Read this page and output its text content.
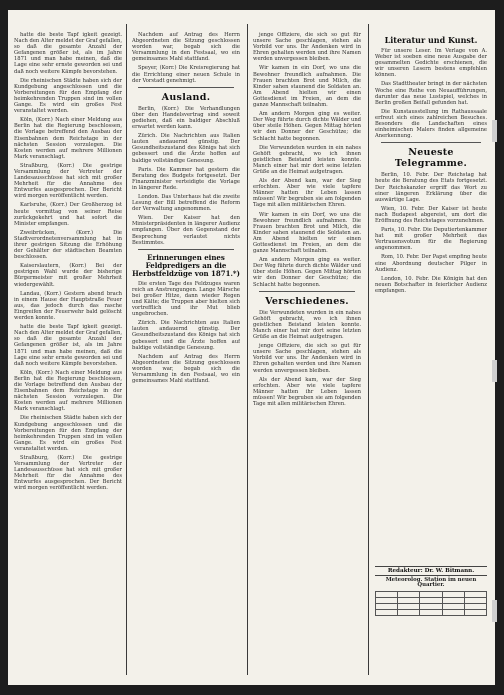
hatte die beste Tapf igkeit gezeigt. Nach den Alter meldet der Graf gefallen, so daß die gesamte Anzahl der Gefangenen größer ist, als im Jahre 1871 und man habe meinen, daß die Lage eine sehr ernste geworden sei und daß noch weitere Kämpfe bevorstehen.

Die rheinischen Städte haben sich der Kundgebung angeschlossen und die Vorbereitungen für den Empfang der heimkehrenden Truppen sind im vollen Gange. Es wird ein großes Fest veranstaltet werden.

Köln, (Korr.) Nach einer Meldung aus Berlin hat die Regierung beschlossen, die Vorlage betreffend den Ausbau der Eisenbahnen dem Reichstage in der nächsten Session vorzulegen. Die Kosten werden auf mehrere Millionen Mark veranschlagt.

Straßburg, (Korr.) Die gestrige Versammlung der Vertreter der Landesausschüsse hat sich mit großer Mehrheit für die Annahme des Entwurfes ausgesprochen. Der Bericht wird morgen veröffentlicht werden.

Karlsruhe, (Korr.) Der Großherzog ist heute vormittag von seiner Reise zurückgekehrt und hat sofort die Minister empfangen.

Zweibrücken, (Korr.) Die Stadtverordnetenversammlung hat in ihrer gestrigen Sitzung die Erhöhung der Gehälter der städtischen Beamten beschlossen.

Kaiserslautern, (Korr.) Bei der gestrigen Wahl wurde der bisherige Bürgermeister mit großer Mehrheit wiedergewählt.

Landau, (Korr.) Gestern abend brach in einem Hause der Hauptstraße Feuer aus, das jedoch durch das rasche Eingreifen der Feuerwehr bald gelöscht werden konnte.

hatte die beste Tapf igkeit gezeigt. Nach den Alter meldet der Graf gefallen, so daß die gesamte Anzahl der Gefangenen größer ist, als im Jahre 1871 und man habe meinen, daß die Lage eine sehr ernste geworden sei und daß noch weitere Kämpfe bevorstehen.

Köln, (Korr.) Nach einer Meldung aus Berlin hat die Regierung beschlossen, die Vorlage betreffend den Ausbau der Eisenbahnen dem Reichstage in der nächsten Session vorzulegen. Die Kosten werden auf mehrere Millionen Mark veranschlagt.

Die rheinischen Städte haben sich der Kundgebung angeschlossen und die Vorbereitungen für den Empfang der heimkehrenden Truppen sind im vollen Gange. Es wird ein großes Fest veranstaltet werden.

Straßburg, (Korr.) Die gestrige Versammlung der Vertreter der Landesausschüsse hat sich mit großer Mehrheit für die Annahme des Entwurfes ausgesprochen. Der Bericht wird morgen veröffentlicht werden.

Nachdem auf Antrag des Herrn Abgeordneten die Sitzung geschlossen worden war, begab sich die Versammlung in den Festsaal, wo ein gemeinsames Mahl stattfand.

Speyer, (Korr.) Die Kreisregierung hat die Errichtung einer neuen Schule in der Vorstadt genehmigt.

Ausland.

Berlin, (Korr.) Die Verhandlungen über den Handelsvertrag sind soweit gediehen, daß ein baldiger Abschluß erwartet werden kann.

Zürich. Die Nachrichten aus Italien lauten andauernd günstig. Der Gesundheitszustand des Königs hat sich gebessert und die Ärzte hoffen auf baldige vollständige Genesung.

Paris. Die Kammer hat gestern die Beratung des Budgets fortgesetzt. Der Finanzminister verteidigte die Vorlage in längerer Rede.

London. Das Unterhaus hat die zweite Lesung der Bill betreffend die Reform der Verwaltung angenommen.

Wien. Der Kaiser hat den Ministerpräsidenten in längerer Audienz empfangen. Über den Gegenstand der Besprechung verlautet nichts Bestimmtes.

Erinnerungen eines Feldpredigers an die Herbstfeldzüge von 1871.*)

Die ersten Tage des Feldzuges waren reich an Anstrengungen. Lange Märsche bei großer Hitze, dann wieder Regen und Kälte; die Truppen aber hielten sich vortrefflich und ihr Mut blieb ungebrochen.

Zürich. Die Nachrichten aus Italien lauten andauernd günstig. Der Gesundheitszustand des Königs hat sich gebessert und die Ärzte hoffen auf baldige vollständige Genesung.

Nachdem auf Antrag des Herrn Abgeordneten die Sitzung geschlossen worden war, begab sich die Versammlung in den Festsaal, wo ein gemeinsames Mahl stattfand.

jenge Offiziere, die sich so gut für unsere Sache geschlagen, stehen als Vorbild vor uns. Ihr Andenken wird in Ehren gehalten werden und ihre Namen werden unvergessen bleiben.

Wir kamen in ein Dorf, wo uns die Bewohner freundlich aufnahmen. Die Frauen brachten Brot und Milch, die Kinder sahen staunend die Soldaten an. Am Abend hielten wir einen Gottesdienst im Freien, an dem die ganze Mannschaft teilnahm.

Am andern Morgen ging es weiter. Der Weg führte durch dichte Wälder und über steile Höhen. Gegen Mittag hörten wir den Donner der Geschütze; die Schlacht hatte begonnen.

Die Verwundeten wurden in ein nahes Gehöft gebracht, wo ich ihnen geistlichen Beistand leisten konnte. Manch einer hat mir dort seine letzten Grüße an die Heimat aufgetragen.

Als der Abend kam, war der Sieg erfochten. Aber wie viele tapfere Männer hatten ihr Leben lassen müssen! Wir begruben sie am folgenden Tage mit allen militärischen Ehren.

Wir kamen in ein Dorf, wo uns die Bewohner freundlich aufnahmen. Die Frauen brachten Brot und Milch, die Kinder sahen staunend die Soldaten an. Am Abend hielten wir einen Gottesdienst im Freien, an dem die ganze Mannschaft teilnahm.

Am andern Morgen ging es weiter. Der Weg führte durch dichte Wälder und über steile Höhen. Gegen Mittag hörten wir den Donner der Geschütze; die Schlacht hatte begonnen.

Verschiedenes.

Die Verwundeten wurden in ein nahes Gehöft gebracht, wo ich ihnen geistlichen Beistand leisten konnte. Manch einer hat mir dort seine letzten Grüße an die Heimat aufgetragen.

jenge Offiziere, die sich so gut für unsere Sache geschlagen, stehen als Vorbild vor uns. Ihr Andenken wird in Ehren gehalten werden und ihre Namen werden unvergessen bleiben.

Als der Abend kam, war der Sieg erfochten. Aber wie viele tapfere Männer hatten ihr Leben lassen müssen! Wir begruben sie am folgenden Tage mit allen militärischen Ehren.

Literatur und Kunst.

Für unsere Leser. Im Verlage von A. Weber ist soeben eine neue Ausgabe der gesammelten Gedichte erschienen, die wir unseren Lesern bestens empfehlen können.

Das Stadttheater bringt in der nächsten Woche eine Reihe von Neuaufführungen, darunter das neue Lustspiel, welches in Berlin großen Beifall gefunden hat.

Die Kunstausstellung im Rathaussaale erfreut sich eines zahlreichen Besuches. Besonders die Landschaften eines einheimischen Malers finden allgemeine Anerkennung.

Neueste Telegramme.

Berlin, 10. Febr. Der Reichstag hat heute die Beratung des Etats fortgesetzt. Der Reichskanzler ergriff das Wort zu einer längeren Erklärung über die auswärtige Lage.

Wien, 10. Febr. Der Kaiser ist heute nach Budapest abgereist, um dort die Eröffnung des Reichstages vorzunehmen.

Paris, 10. Febr. Die Deputiertenkammer hat mit großer Mehrheit das Vertrauensvotum für die Regierung angenommen.

Rom, 10. Febr. Der Papst empfing heute eine Abordnung deutscher Pilger in Audienz.

London, 10. Febr. Die Königin hat den neuen Botschafter in feierlicher Audienz empfangen.

Redakteur: Dr. W. Bitmann.
Meteorolog. Station im neuen Quartier.
